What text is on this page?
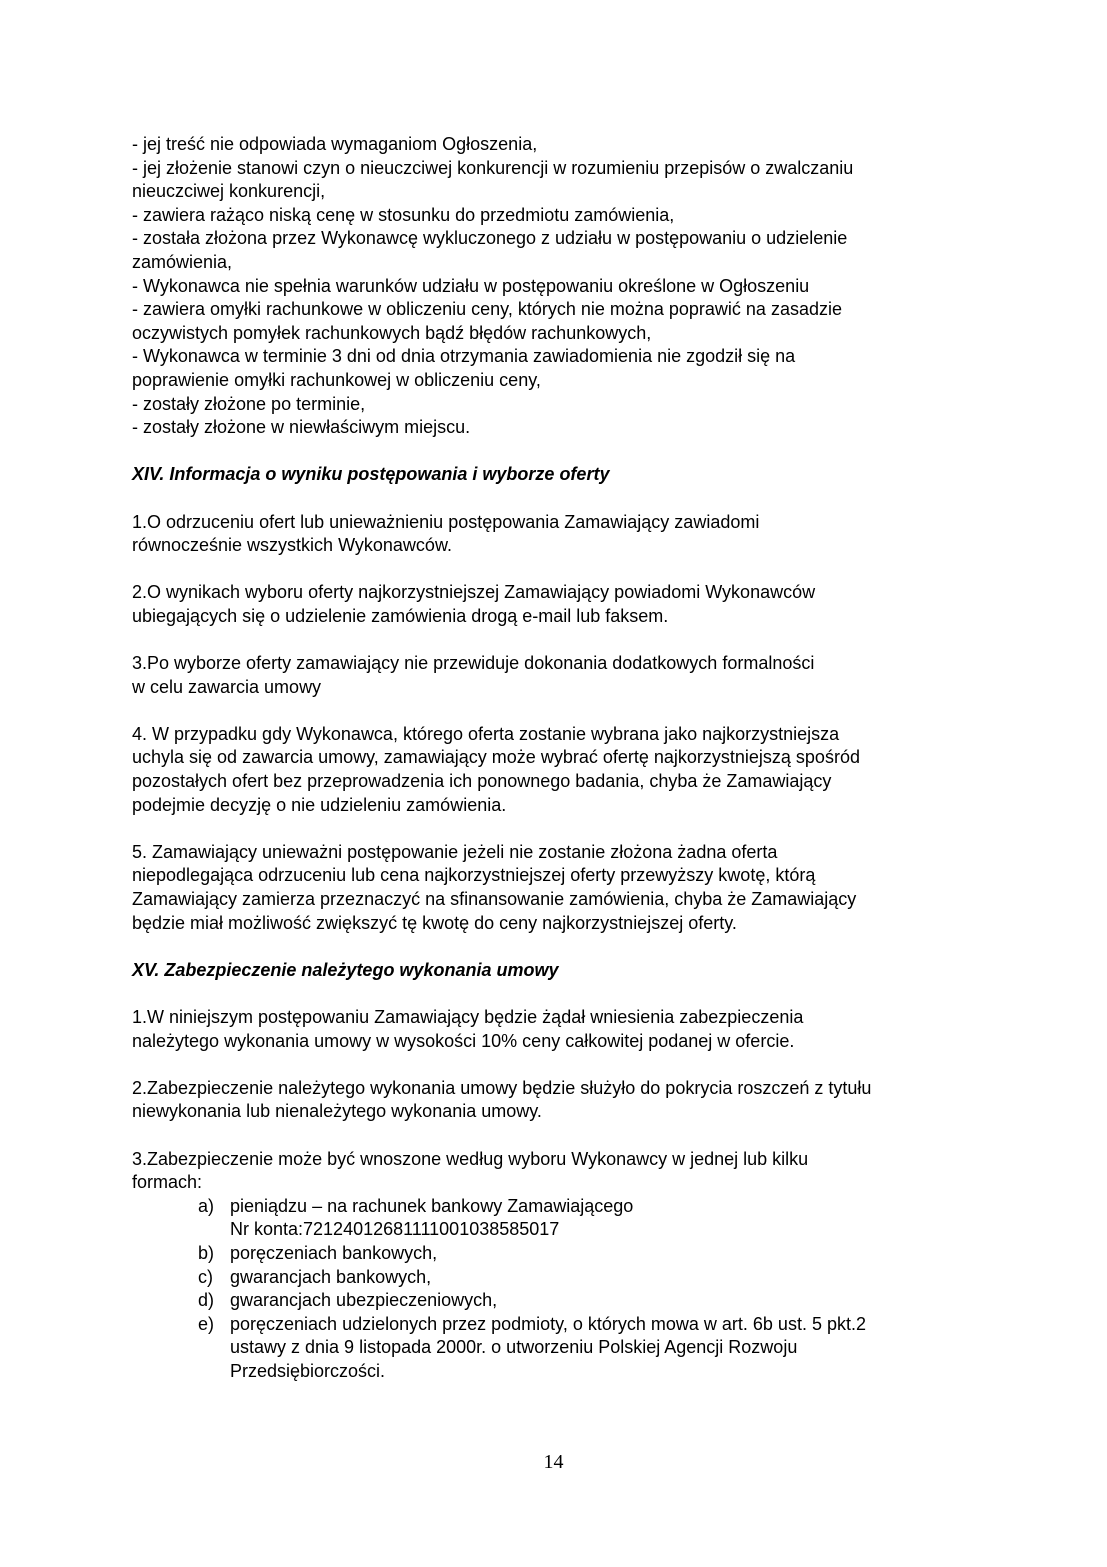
- jej treść nie odpowiada wymaganiom Ogłoszenia,
- jej złożenie stanowi czyn o nieuczciwej konkurencji w rozumieniu przepisów o zwalczaniu
nieuczciwej konkurencji,
- zawiera rażąco niską cenę w stosunku do przedmiotu zamówienia,
- została złożona przez Wykonawcę wykluczonego z udziału w postępowaniu o udzielenie
zamówienia,
- Wykonawca nie spełnia warunków udziału w postępowaniu określone w Ogłoszeniu
- zawiera omyłki rachunkowe w obliczeniu ceny, których nie można poprawić na zasadzie
oczywistych pomyłek rachunkowych bądź błędów rachunkowych,
- Wykonawca w terminie 3 dni od dnia otrzymania zawiadomienia nie zgodził się na
poprawienie omyłki rachunkowej w obliczeniu ceny,
- zostały złożone po terminie,
- zostały złożone w niewłaściwym miejscu.
XIV. Informacja o wyniku postępowania i wyborze oferty
1.O odrzuceniu ofert lub unieważnieniu postępowania Zamawiający zawiadomi
równocześnie wszystkich Wykonawców.
2.O wynikach wyboru oferty najkorzystniejszej Zamawiający powiadomi Wykonawców
ubiegających się o udzielenie zamówienia drogą e-mail lub faksem.
3.Po wyborze oferty zamawiający nie przewiduje dokonania dodatkowych formalności
w celu zawarcia umowy
4. W przypadku gdy Wykonawca, którego oferta zostanie wybrana jako najkorzystniejsza
uchyla się od zawarcia umowy, zamawiający może wybrać ofertę najkorzystniejszą spośród
pozostałych ofert bez przeprowadzenia ich ponownego badania, chyba że Zamawiający
podejmie decyzję o nie udzieleniu zamówienia.
5. Zamawiający unieważni postępowanie jeżeli nie zostanie złożona żadna oferta
niepodlegająca odrzuceniu lub cena najkorzystniejszej oferty przewyższy kwotę, którą
Zamawiający zamierza przeznaczyć na sfinansowanie zamówienia, chyba że Zamawiający
będzie miał możliwość zwiększyć tę kwotę do ceny najkorzystniejszej oferty.
XV. Zabezpieczenie należytego wykonania umowy
1.W niniejszym postępowaniu Zamawiający będzie żądał wniesienia zabezpieczenia
należytego wykonania umowy w wysokości 10% ceny całkowitej podanej w ofercie.
2.Zabezpieczenie należytego wykonania umowy będzie służyło do pokrycia roszczeń z tytułu
niewykonania lub nienależytego wykonania umowy.
3.Zabezpieczenie może być wnoszone według wyboru Wykonawcy w jednej lub kilku
formach:
a) pieniądzu – na rachunek bankowy Zamawiającego
Nr konta:72124012681111001038585017
b) poręczeniach bankowych,
c) gwarancjach bankowych,
d) gwarancjach ubezpieczeniowych,
e) poręczeniach udzielonych przez podmioty, o których mowa w art. 6b ust. 5 pkt.2
ustawy z dnia 9 listopada 2000r. o utworzeniu Polskiej Agencji Rozwoju
Przedsiębiorczości.
14
